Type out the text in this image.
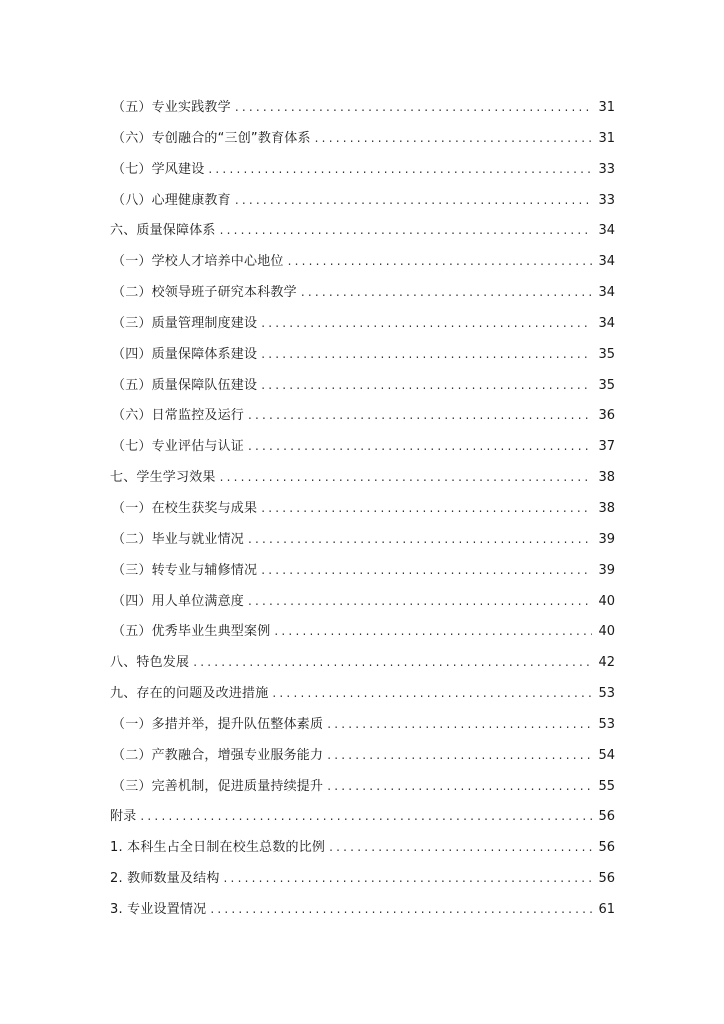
（五）专业实践教学 .....	31
（六）专创融合的“三创”教育体系 .....	31
（七）学风建设 .....	33
（八）心理健康教育 .....	33
六、质量保障体系 .....	34
（一）学校人才培养中心地位 .....	34
（二）校领导班子研究本科教学 .....	34
（三）质量管理制度建设 .....	34
（四）质量保障体系建设 .....	35
（五）质量保障队伍建设 .....	35
（六）日常监控及运行 .....	36
（七）专业评估与认证 .....	37
七、学生学习效果 .....	38
（一）在校生获奖与成果 .....	38
（二）毕业与就业情况 .....	39
（三）转专业与辅修情况 .....	39
（四）用人单位满意度 .....	40
（五）优秀毕业生典型案例 .....	40
八、特色发展 .....	42
九、存在的问题及改进措施 .....	53
（一）多措并举，提升队伍整体素质 .....	53
（二）产教融合，增强专业服务能力 .....	54
（三）完善机制，促进质量持续提升 .....	55
附录 .....	56
1. 本科生占全日制在校生总数的比例 .....	56
2. 教师数量及结构 .....	56
3. 专业设置情况 .....	61
